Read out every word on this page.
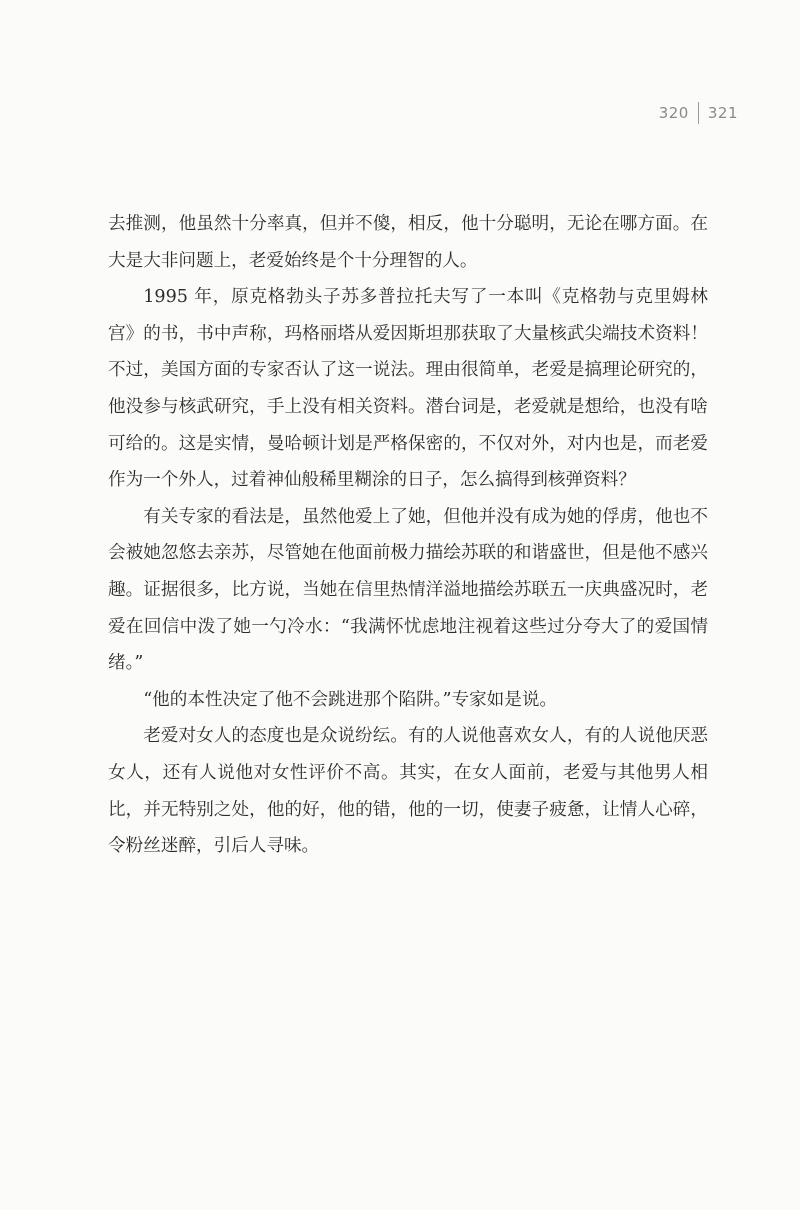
320 321

去推测，他虽然十分率真，但并不傻，相反，他十分聪明，无论在哪方面。在大是大非问题上，老爱始终是个十分理智的人。

1995 年，原克格勃头子苏多普拉托夫写了一本叫《克格勃与克里姆林宫》的书，书中声称，玛格丽塔从爱因斯坦那获取了大量核武尖端技术资料！不过，美国方面的专家否认了这一说法。理由很简单，老爱是搞理论研究的，他没参与核武研究，手上没有相关资料。潜台词是，老爱就是想给，也没有啥可给的。这是实情，曼哈顿计划是严格保密的，不仅对外，对内也是，而老爱作为一个外人，过着神仙般稀里糊涂的日子，怎么搞得到核弹资料？

有关专家的看法是，虽然他爱上了她，但他并没有成为她的俘虏，他也不会被她忽悠去亲苏，尽管她在他面前极力描绘苏联的和谐盛世，但是他不感兴趣。证据很多，比方说，当她在信里热情洋溢地描绘苏联五一庆典盛况时，老爱在回信中泼了她一勺冷水：“我满怀忧虑地注视着这些过分夸大了的爱国情绪。”

“他的本性决定了他不会跳进那个陷阱。”专家如是说。

老爱对女人的态度也是众说纷纭。有的人说他喜欢女人，有的人说他厌恶女人，还有人说他对女性评价不高。其实，在女人面前，老爱与其他男人相比，并无特别之处，他的好，他的错，他的一切，使妻子疲惫，让情人心碎，令粉丝迷醉，引后人寻味。
